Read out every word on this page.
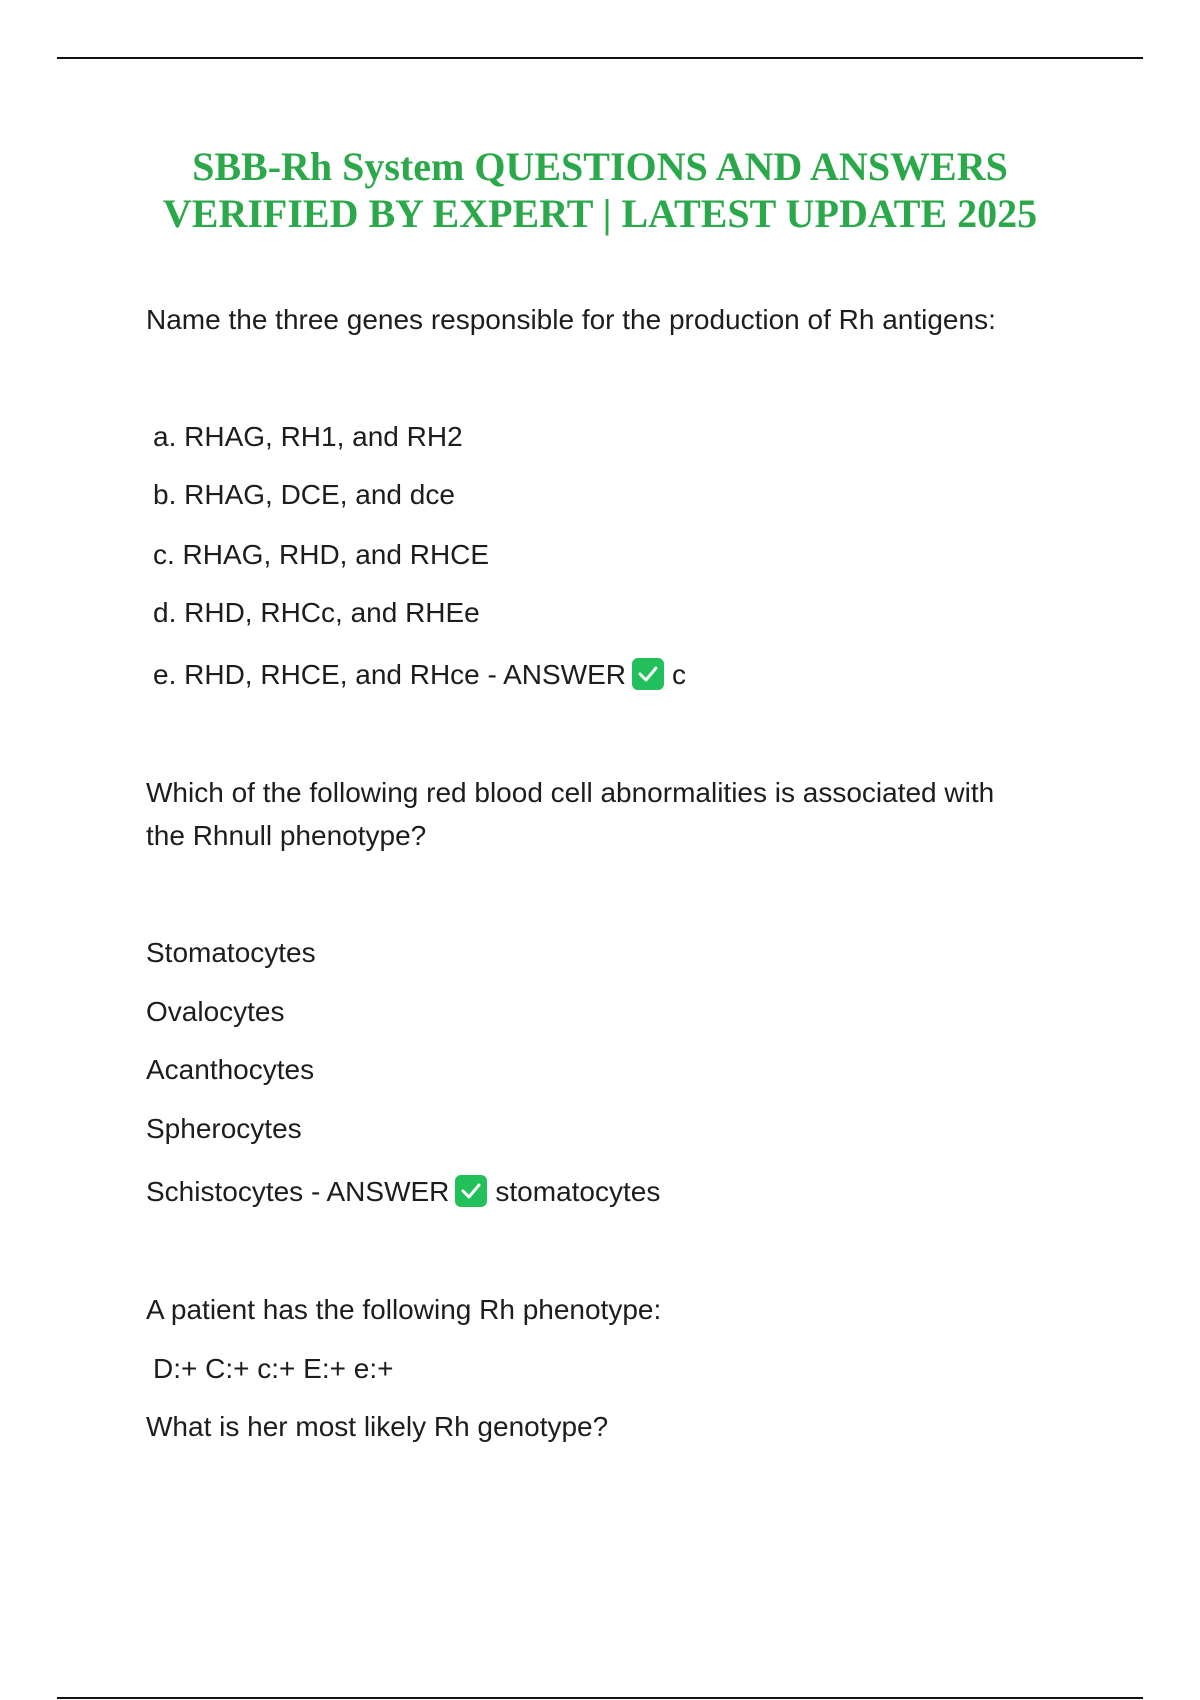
SBB-Rh System QUESTIONS AND ANSWERS
VERIFIED BY EXPERT | LATEST UPDATE 2025
Name the three genes responsible for the production of Rh antigens:
a. RHAG, RH1, and RH2
b. RHAG, DCE, and dce
c. RHAG, RHD, and RHCE
d. RHD, RHCc, and RHEe
e. RHD, RHCE, and RHce - ANSWER c
Which of the following red blood cell abnormalities is associated with
the Rhnull phenotype?
Stomatocytes
Ovalocytes
Acanthocytes
Spherocytes
Schistocytes - ANSWER stomatocytes
A patient has the following Rh phenotype:
D:+ C:+ c:+ E:+ e:+
What is her most likely Rh genotype?
